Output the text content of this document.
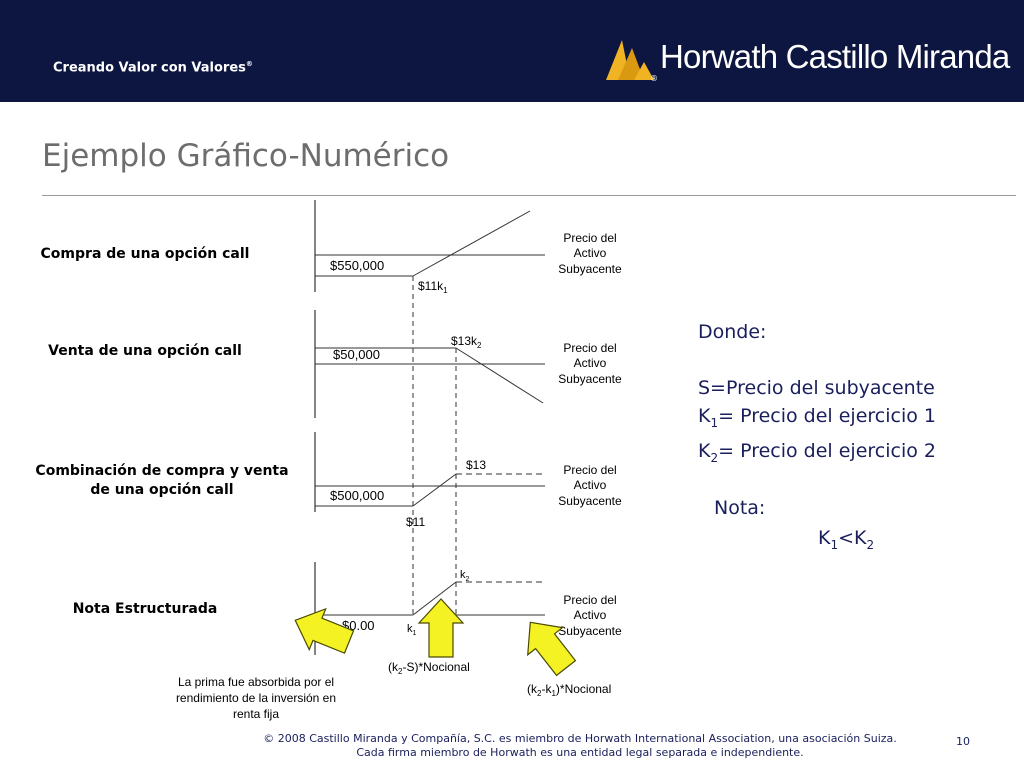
Creando Valor con Valores®
®
Horwath Castillo Miranda
Ejemplo Gráfico-Numérico
Compra de una opción call
Venta de una opción call
Combinación de compra y venta de una opción call
Nota Estructurada
$550,000
$\$11k_1$
Precio del Activo Subyacente
$50,000
$\$13k_2$	Precio del Activo Subyacente
$500,000
$11
$13	Precio del Activo Subyacente
$0.00	$k_1$
$k_2$
Precio del Activo Subyacente
La prima fue absorbida por el rendimiento de la inversión en renta fija
$(k_2-S)*Nocional$
$(k_2-k_1)*Nocional$
Donde:
S=Precio del subyacente
$K_1=$ Precio del ejercicio 1
$K_2=$ Precio del ejercicio 2
Nota:
$K_1<K_2$
© 2008 Castillo Miranda y Compañía, S.C. es miembro de Horwath International Association, una asociación Suiza.
Cada firma miembro de Horwath es una entidad legal separada e independiente.
10
